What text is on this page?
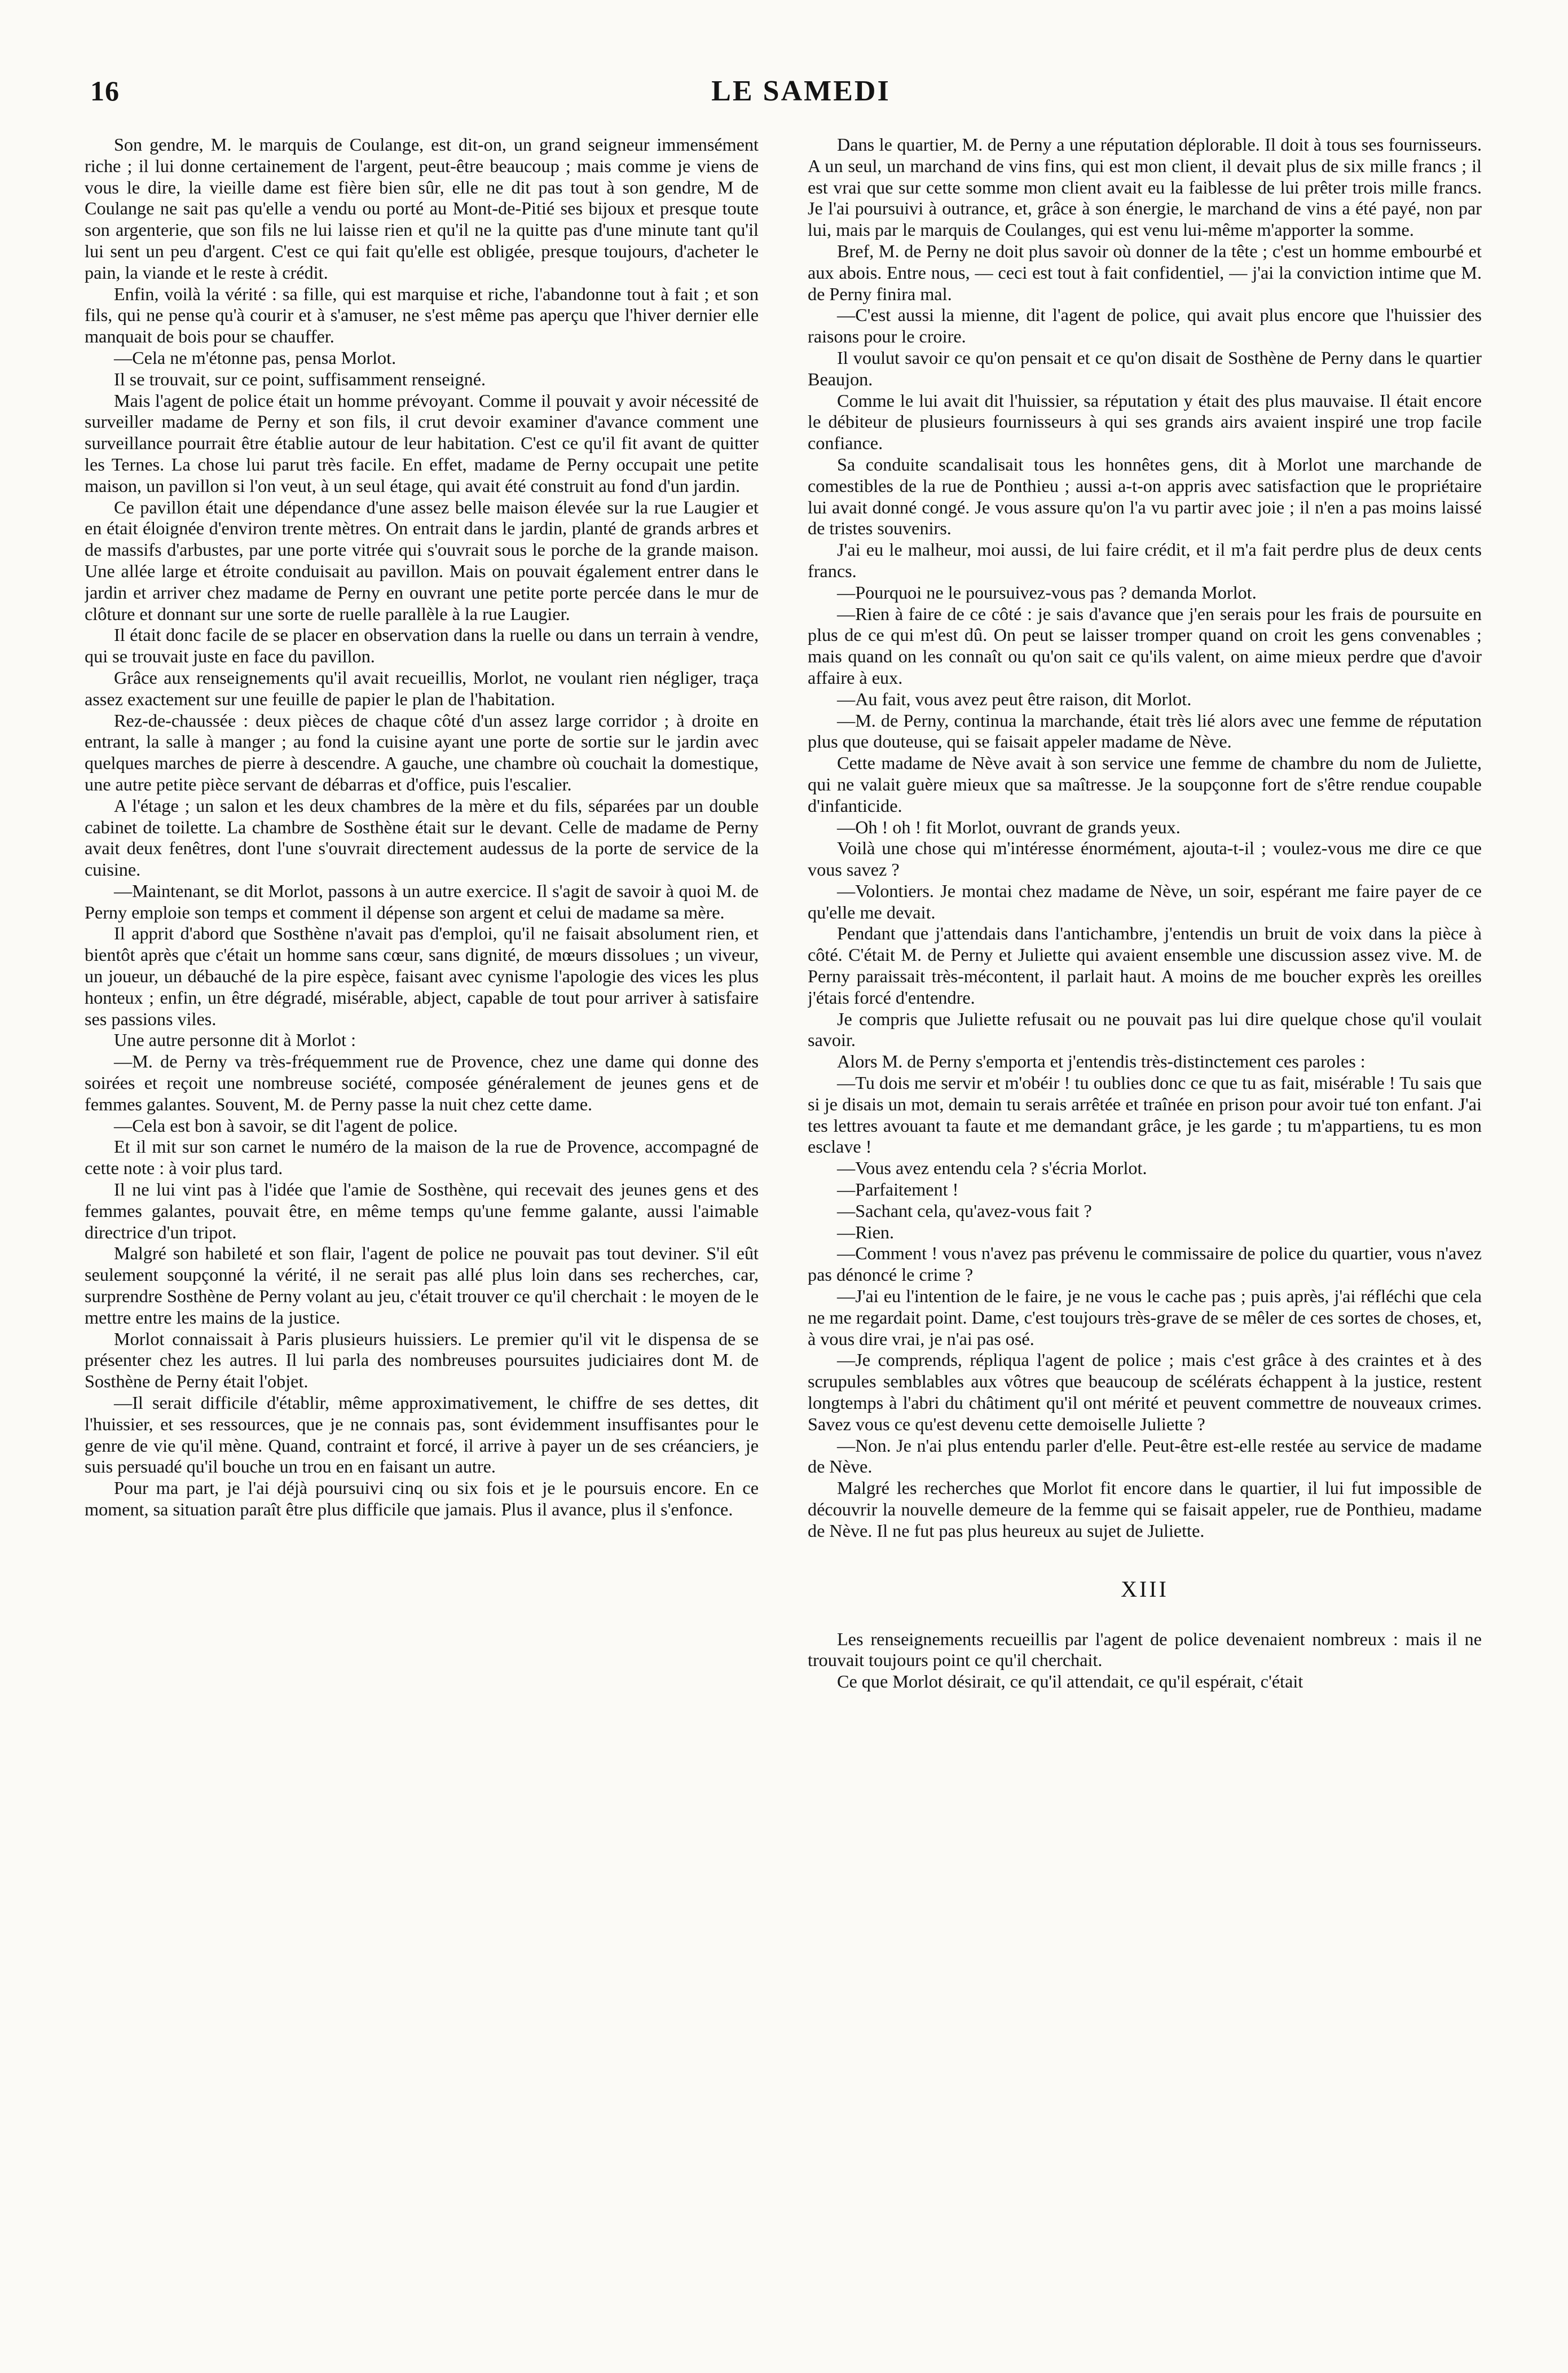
16	LE SAMEDI

Son gendre, M. le marquis de Coulange, est dit-on, un grand seigneur immensément riche ; il lui donne certainement de l'argent, peut-être beaucoup ; mais comme je viens de vous le dire, la vieille dame est fière bien sûr, elle ne dit pas tout à son gendre, M de Coulange ne sait pas qu'elle a vendu ou porté au Mont-de-Pitié ses bijoux et presque toute son argenterie, que son fils ne lui laisse rien et qu'il ne la quitte pas d'une minute tant qu'il lui sent un peu d'argent. C'est ce qui fait qu'elle est obligée, presque toujours, d'acheter le pain, la viande et le reste à crédit.

Enfin, voilà la vérité : sa fille, qui est marquise et riche, l'abandonne tout à fait ; et son fils, qui ne pense qu'à courir et à s'amuser, ne s'est même pas aperçu que l'hiver dernier elle manquait de bois pour se chauffer.

—Cela ne m'étonne pas, pensa Morlot.

Il se trouvait, sur ce point, suffisamment renseigné.

Mais l'agent de police était un homme prévoyant. Comme il pouvait y avoir nécessité de surveiller madame de Perny et son fils, il crut devoir examiner d'avance comment une surveillance pourrait être établie autour de leur habitation. C'est ce qu'il fit avant de quitter les Ternes. La chose lui parut très facile. En effet, madame de Perny occupait une petite maison, un pavillon si l'on veut, à un seul étage, qui avait été construit au fond d'un jardin.

Ce pavillon était une dépendance d'une assez belle maison élevée sur la rue Laugier et en était éloignée d'environ trente mètres. On entrait dans le jardin, planté de grands arbres et de massifs d'arbustes, par une porte vitrée qui s'ouvrait sous le porche de la grande maison. Une allée large et étroite conduisait au pavillon. Mais on pouvait également entrer dans le jardin et arriver chez madame de Perny en ouvrant une petite porte percée dans le mur de clôture et donnant sur une sorte de ruelle parallèle à la rue Laugier.

Il était donc facile de se placer en observation dans la ruelle ou dans un terrain à vendre, qui se trouvait juste en face du pavillon.

Grâce aux renseignements qu'il avait recueillis, Morlot, ne voulant rien négliger, traça assez exactement sur une feuille de papier le plan de l'habitation.

Rez-de-chaussée : deux pièces de chaque côté d'un assez large corridor ; à droite en entrant, la salle à manger ; au fond la cuisine ayant une porte de sortie sur le jardin avec quelques marches de pierre à descendre. A gauche, une chambre où couchait la domestique, une autre petite pièce servant de débarras et d'office, puis l'escalier.

A l'étage ; un salon et les deux chambres de la mère et du fils, séparées par un double cabinet de toilette. La chambre de Sosthène était sur le devant. Celle de madame de Perny avait deux fenêtres, dont l'une s'ouvrait directement audessus de la porte de service de la cuisine.

—Maintenant, se dit Morlot, passons à un autre exercice. Il s'agit de savoir à quoi M. de Perny emploie son temps et comment il dépense son argent et celui de madame sa mère.

Il apprit d'abord que Sosthène n'avait pas d'emploi, qu'il ne faisait absolument rien, et bientôt après que c'était un homme sans cœur, sans dignité, de mœurs dissolues ; un viveur, un joueur, un débauché de la pire espèce, faisant avec cynisme l'apologie des vices les plus honteux ; enfin, un être dégradé, misérable, abject, capable de tout pour arriver à satisfaire ses passions viles.

Une autre personne dit à Morlot :

—M. de Perny va très-fréquemment rue de Provence, chez une dame qui donne des soirées et reçoit une nombreuse société, composée généralement de jeunes gens et de femmes galantes. Souvent, M. de Perny passe la nuit chez cette dame.

—Cela est bon à savoir, se dit l'agent de police.

Et il mit sur son carnet le numéro de la maison de la rue de Provence, accompagné de cette note : à voir plus tard.

Il ne lui vint pas à l'idée que l'amie de Sosthène, qui recevait des jeunes gens et des femmes galantes, pouvait être, en même temps qu'une femme galante, aussi l'aimable directrice d'un tripot.

Malgré son habileté et son flair, l'agent de police ne pouvait pas tout deviner. S'il eût seulement soupçonné la vérité, il ne serait pas allé plus loin dans ses recherches, car, surprendre Sosthène de Perny volant au jeu, c'était trouver ce qu'il cherchait : le moyen de le mettre entre les mains de la justice.

Morlot connaissait à Paris plusieurs huissiers. Le premier qu'il vit le dispensa de se présenter chez les autres. Il lui parla des nombreuses poursuites judiciaires dont M. de Sosthène de Perny était l'objet.

—Il serait difficile d'établir, même approximativement, le chiffre de ses dettes, dit l'huissier, et ses ressources, que je ne connais pas, sont évidemment insuffisantes pour le genre de vie qu'il mène. Quand, contraint et forcé, il arrive à payer un de ses créanciers, je suis persuadé qu'il bouche un trou en en faisant un autre.

Pour ma part, je l'ai déjà poursuivi cinq ou six fois et je le poursuis encore. En ce moment, sa situation paraît être plus difficile que jamais. Plus il avance, plus il s'enfonce.

Dans le quartier, M. de Perny a une réputation déplorable. Il doit à tous ses fournisseurs. A un seul, un marchand de vins fins, qui est mon client, il devait plus de six mille francs ; il est vrai que sur cette somme mon client avait eu la faiblesse de lui prêter trois mille francs. Je l'ai poursuivi à outrance, et, grâce à son énergie, le marchand de vins a été payé, non par lui, mais par le marquis de Coulanges, qui est venu lui-même m'apporter la somme.

Bref, M. de Perny ne doit plus savoir où donner de la tête ; c'est un homme embourbé et aux abois. Entre nous, — ceci est tout à fait confidentiel, — j'ai la conviction intime que M. de Perny finira mal.

—C'est aussi la mienne, dit l'agent de police, qui avait plus encore que l'huissier des raisons pour le croire.

Il voulut savoir ce qu'on pensait et ce qu'on disait de Sosthène de Perny dans le quartier Beaujon.

Comme le lui avait dit l'huissier, sa réputation y était des plus mauvaise. Il était encore le débiteur de plusieurs fournisseurs à qui ses grands airs avaient inspiré une trop facile confiance.

Sa conduite scandalisait tous les honnêtes gens, dit à Morlot une marchande de comestibles de la rue de Ponthieu ; aussi a-t-on appris avec satisfaction que le propriétaire lui avait donné congé. Je vous assure qu'on l'a vu partir avec joie ; il n'en a pas moins laissé de tristes souvenirs.

J'ai eu le malheur, moi aussi, de lui faire crédit, et il m'a fait perdre plus de deux cents francs.

—Pourquoi ne le poursuivez-vous pas ? demanda Morlot.

—Rien à faire de ce côté : je sais d'avance que j'en serais pour les frais de poursuite en plus de ce qui m'est dû. On peut se laisser tromper quand on croit les gens convenables ; mais quand on les connaît ou qu'on sait ce qu'ils valent, on aime mieux perdre que d'avoir affaire à eux.

—Au fait, vous avez peut être raison, dit Morlot.

—M. de Perny, continua la marchande, était très lié alors avec une femme de réputation plus que douteuse, qui se faisait appeler madame de Nève.

Cette madame de Nève avait à son service une femme de chambre du nom de Juliette, qui ne valait guère mieux que sa maîtresse. Je la soupçonne fort de s'être rendue coupable d'infanticide.

—Oh ! oh ! fit Morlot, ouvrant de grands yeux.

Voilà une chose qui m'intéresse énormément, ajouta-t-il ; voulez-vous me dire ce que vous savez ?

—Volontiers. Je montai chez madame de Nève, un soir, espérant me faire payer de ce qu'elle me devait.

Pendant que j'attendais dans l'antichambre, j'entendis un bruit de voix dans la pièce à côté. C'était M. de Perny et Juliette qui avaient ensemble une discussion assez vive. M. de Perny paraissait très-mécontent, il parlait haut. A moins de me boucher exprès les oreilles j'étais forcé d'entendre.

Je compris que Juliette refusait ou ne pouvait pas lui dire quelque chose qu'il voulait savoir.

Alors M. de Perny s'emporta et j'entendis très-distinctement ces paroles :

—Tu dois me servir et m'obéir ! tu oublies donc ce que tu as fait, misérable ! Tu sais que si je disais un mot, demain tu serais arrêtée et traînée en prison pour avoir tué ton enfant. J'ai tes lettres avouant ta faute et me demandant grâce, je les garde ; tu m'appartiens, tu es mon esclave !

—Vous avez entendu cela ? s'écria Morlot.

—Parfaitement !

—Sachant cela, qu'avez-vous fait ?

—Rien.

—Comment ! vous n'avez pas prévenu le commissaire de police du quartier, vous n'avez pas dénoncé le crime ?

—J'ai eu l'intention de le faire, je ne vous le cache pas ; puis après, j'ai réfléchi que cela ne me regardait point. Dame, c'est toujours très-grave de se mêler de ces sortes de choses, et, à vous dire vrai, je n'ai pas osé.

—Je comprends, répliqua l'agent de police ; mais c'est grâce à des craintes et à des scrupules semblables aux vôtres que beaucoup de scélérats échappent à la justice, restent longtemps à l'abri du châtiment qu'il ont mérité et peuvent commettre de nouveaux crimes. Savez vous ce qu'est devenu cette demoiselle Juliette ?

—Non. Je n'ai plus entendu parler d'elle. Peut-être est-elle restée au service de madame de Nève.

Malgré les recherches que Morlot fit encore dans le quartier, il lui fut impossible de découvrir la nouvelle demeure de la femme qui se faisait appeler, rue de Ponthieu, madame de Nève. Il ne fut pas plus heureux au sujet de Juliette.

XIII

Les renseignements recueillis par l'agent de police devenaient nombreux : mais il ne trouvait toujours point ce qu'il cherchait.

Ce que Morlot désirait, ce qu'il attendait, ce qu'il espérait, c'était
